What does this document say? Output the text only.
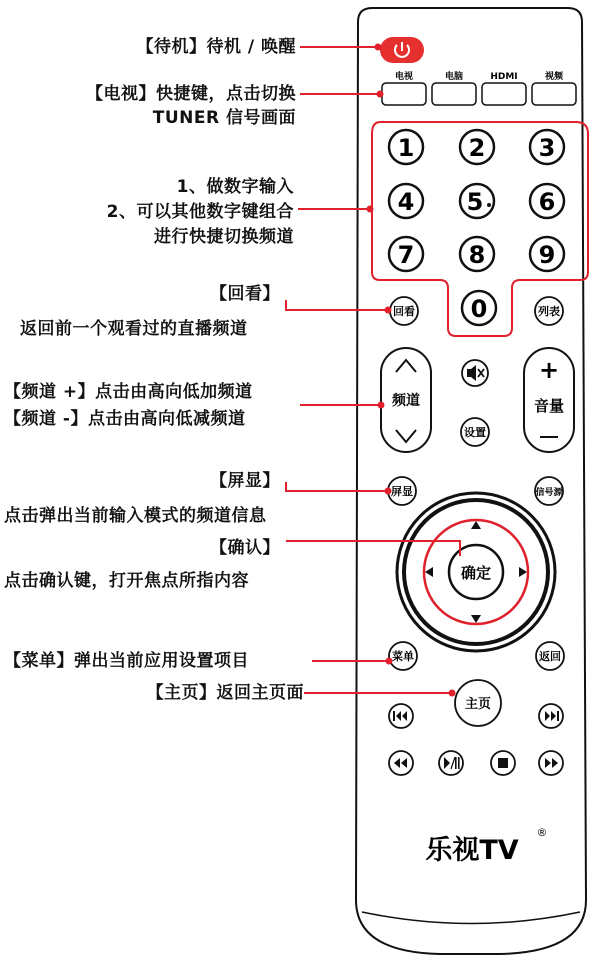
电视	电脑	HDMI	视频
1 2 3
4 5 6
7 8 9
0
回看	列表
频道
设置
+
音量
屏显	信号源
确定
菜单	返回
主页
乐视TV
®
【待机】待机 / 唤醒
【电视】快捷键，点击切换
TUNER 信号画面
1、做数字输入
2、可以其他数字键组合
进行快捷切换频道
【回看】
返回前一个观看过的直播频道
【频道 +】点击由高向低加频道
【频道 -】点击由高向低减频道
【屏显】
点击弹出当前输入模式的频道信息
【确认】
点击确认键，打开焦点所指内容
【菜单】弹出当前应用设置项目
【主页】返回主页面
